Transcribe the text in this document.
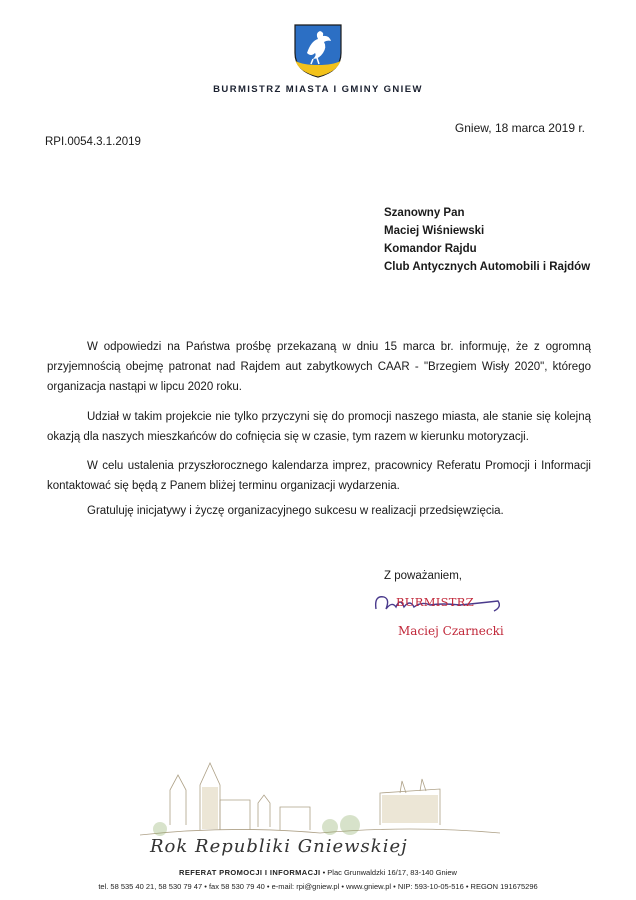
BURMISTRZ MIASTA I GMINY GNIEW
Gniew, 18 marca 2019 r.
RPI.0054.3.1.2019
Szanowny Pan
Maciej Wiśniewski
Komandor Rajdu
Club Antycznych Automobili i Rajdów
W odpowiedzi na Państwa prośbę przekazaną w dniu 15 marca br. informuję, że z ogromną przyjemnością obejmę patronat nad Rajdem aut zabytkowych CAAR - "Brzegiem Wisły 2020", którego organizacja nastąpi w lipcu 2020 roku.
Udział w takim projekcie nie tylko przyczyni się do promocji naszego miasta, ale stanie się kolejną okazją dla naszych mieszkańców do cofnięcia się w czasie, tym razem w kierunku motoryzacji.
W celu ustalenia przyszłorocznego kalendarza imprez, pracownicy Referatu Promocji i Informacji kontaktować się będą z Panem bliżej terminu organizacji wydarzenia.
Gratuluję inicjatywy i życzę organizacyjnego sukcesu w realizacji przedsięwzięcia.
Z poważaniem,
BURMISTRZ
Maciej Czarnecki
Rok Republiki Gniewskiej
REFERAT PROMOCJI I INFORMACJI • Plac Grunwaldzki 16/17, 83-140 Gniew
tel. 58 535 40 21, 58 530 79 47 • fax 58 530 79 40 • e-mail: rpi@gniew.pl • www.gniew.pl • NIP: 593-10-05-516 • REGON 191675296
